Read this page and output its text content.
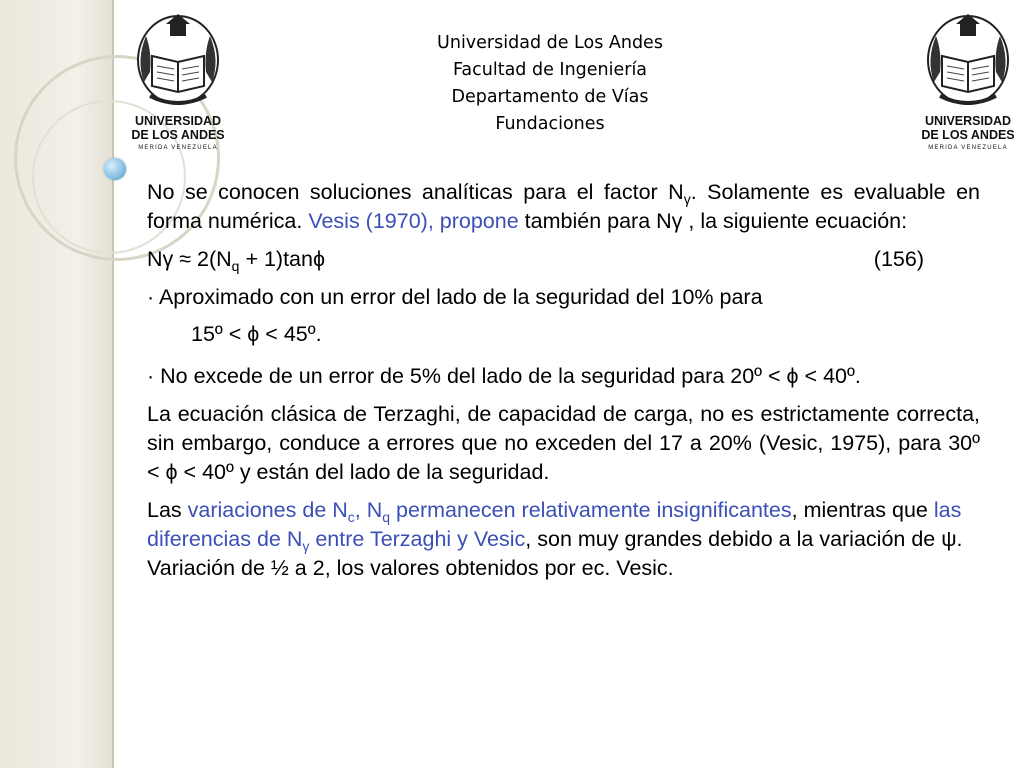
UNIVERSIDAD
DE LOS ANDES
MERIDA VENEZUELA
UNIVERSIDAD
DE LOS ANDES
MERIDA VENEZUELA
Universidad de Los Andes
Facultad de Ingeniería
Departamento de Vías
Fundaciones

No se conocen soluciones analíticas para el factor $N_\gamma$. Solamente es evaluable en forma numérica. Vesis (1970), propone también para Nγ , la siguiente ecuación:

$N\gamma \approx 2(N_q + 1)\tan\phi$	(156)

· Aproximado con un error del lado de la seguridad del 10% para

15º < ϕ < 45º.

· No excede de un error de 5% del lado de la seguridad para 20º < ϕ < 40º.

La ecuación clásica de Terzaghi, de capacidad de carga, no es estrictamente correcta, sin embargo, conduce a errores que no exceden del 17 a 20% (Vesic, 1975), para 30º < ϕ < 40º y están del lado de la seguridad.

Las variaciones de $N_c$, $N_q$ permanecen relativamente insignificantes, mientras que las diferencias de $N_\gamma$ entre Terzaghi y Vesic, son muy grandes debido a la variación de ψ. Variación de ½ a 2, los valores obtenidos por ec. Vesic.
